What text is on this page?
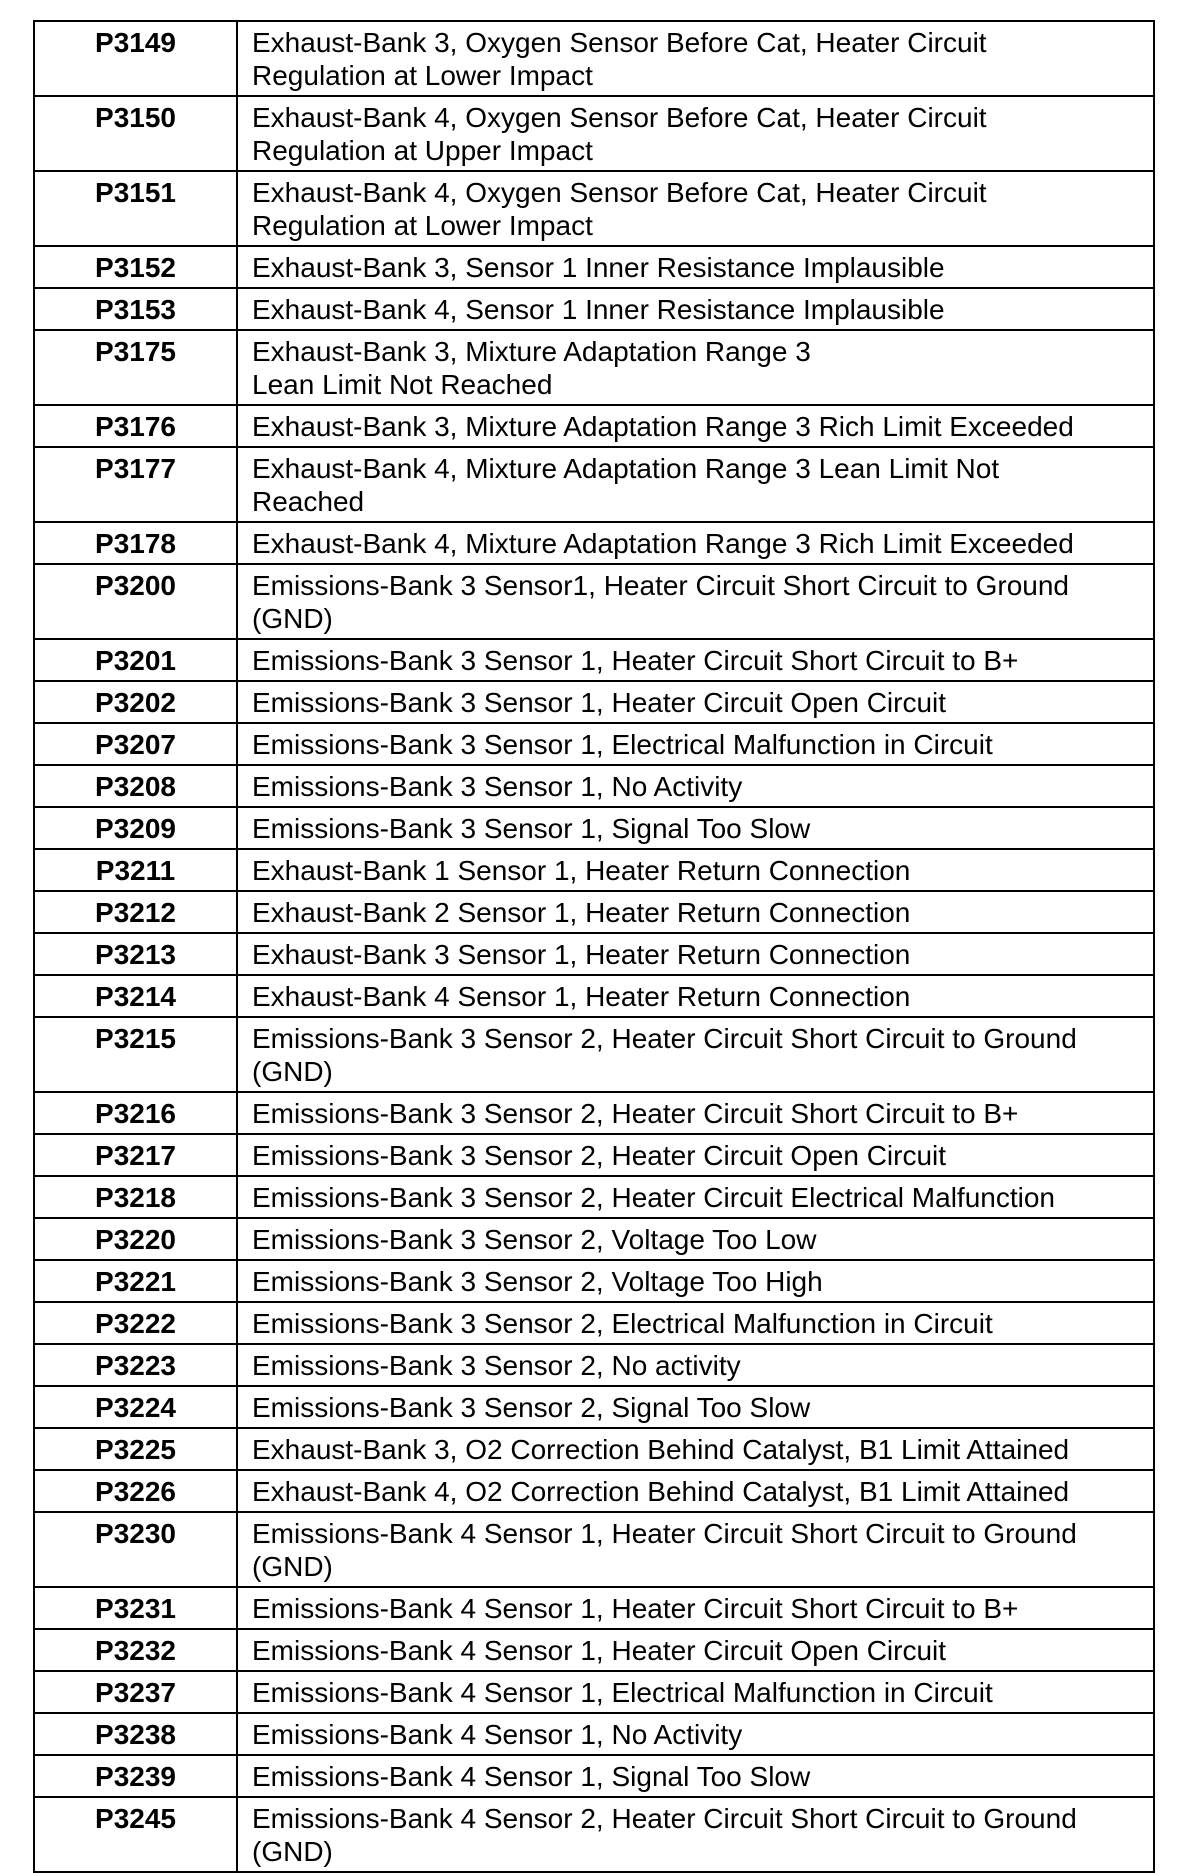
P3149	Exhaust-Bank 3, Oxygen Sensor Before Cat, Heater Circuit
Regulation at Lower Impact

P3150	Exhaust-Bank 4, Oxygen Sensor Before Cat, Heater Circuit
Regulation at Upper Impact

P3151	Exhaust-Bank 4, Oxygen Sensor Before Cat, Heater Circuit
Regulation at Lower Impact

P3152	Exhaust-Bank 3, Sensor 1 Inner Resistance Implausible

P3153	Exhaust-Bank 4, Sensor 1 Inner Resistance Implausible

P3175	Exhaust-Bank 3, Mixture Adaptation Range 3
Lean Limit Not Reached

P3176	Exhaust-Bank 3, Mixture Adaptation Range 3 Rich Limit Exceeded

P3177	Exhaust-Bank 4, Mixture Adaptation Range 3 Lean Limit Not
Reached

P3178	Exhaust-Bank 4, Mixture Adaptation Range 3 Rich Limit Exceeded

P3200	Emissions-Bank 3 Sensor1, Heater Circuit Short Circuit to Ground
(GND)

P3201	Emissions-Bank 3 Sensor 1, Heater Circuit Short Circuit to B+

P3202	Emissions-Bank 3 Sensor 1, Heater Circuit Open Circuit

P3207	Emissions-Bank 3 Sensor 1, Electrical Malfunction in Circuit

P3208	Emissions-Bank 3 Sensor 1, No Activity

P3209	Emissions-Bank 3 Sensor 1, Signal Too Slow

P3211	Exhaust-Bank 1 Sensor 1, Heater Return Connection

P3212	Exhaust-Bank 2 Sensor 1, Heater Return Connection

P3213	Exhaust-Bank 3 Sensor 1, Heater Return Connection

P3214	Exhaust-Bank 4 Sensor 1, Heater Return Connection

P3215	Emissions-Bank 3 Sensor 2, Heater Circuit Short Circuit to Ground
(GND)

P3216	Emissions-Bank 3 Sensor 2, Heater Circuit Short Circuit to B+

P3217	Emissions-Bank 3 Sensor 2, Heater Circuit Open Circuit

P3218	Emissions-Bank 3 Sensor 2, Heater Circuit Electrical Malfunction

P3220	Emissions-Bank 3 Sensor 2, Voltage Too Low

P3221	Emissions-Bank 3 Sensor 2, Voltage Too High

P3222	Emissions-Bank 3 Sensor 2, Electrical Malfunction in Circuit

P3223	Emissions-Bank 3 Sensor 2, No activity

P3224	Emissions-Bank 3 Sensor 2, Signal Too Slow

P3225	Exhaust-Bank 3, O2 Correction Behind Catalyst, B1 Limit Attained

P3226	Exhaust-Bank 4, O2 Correction Behind Catalyst, B1 Limit Attained

P3230	Emissions-Bank 4 Sensor 1, Heater Circuit Short Circuit to Ground
(GND)

P3231	Emissions-Bank 4 Sensor 1, Heater Circuit Short Circuit to B+

P3232	Emissions-Bank 4 Sensor 1, Heater Circuit Open Circuit

P3237	Emissions-Bank 4 Sensor 1, Electrical Malfunction in Circuit

P3238	Emissions-Bank 4 Sensor 1, No Activity

P3239	Emissions-Bank 4 Sensor 1, Signal Too Slow

P3245	Emissions-Bank 4 Sensor 2, Heater Circuit Short Circuit to Ground
(GND)
